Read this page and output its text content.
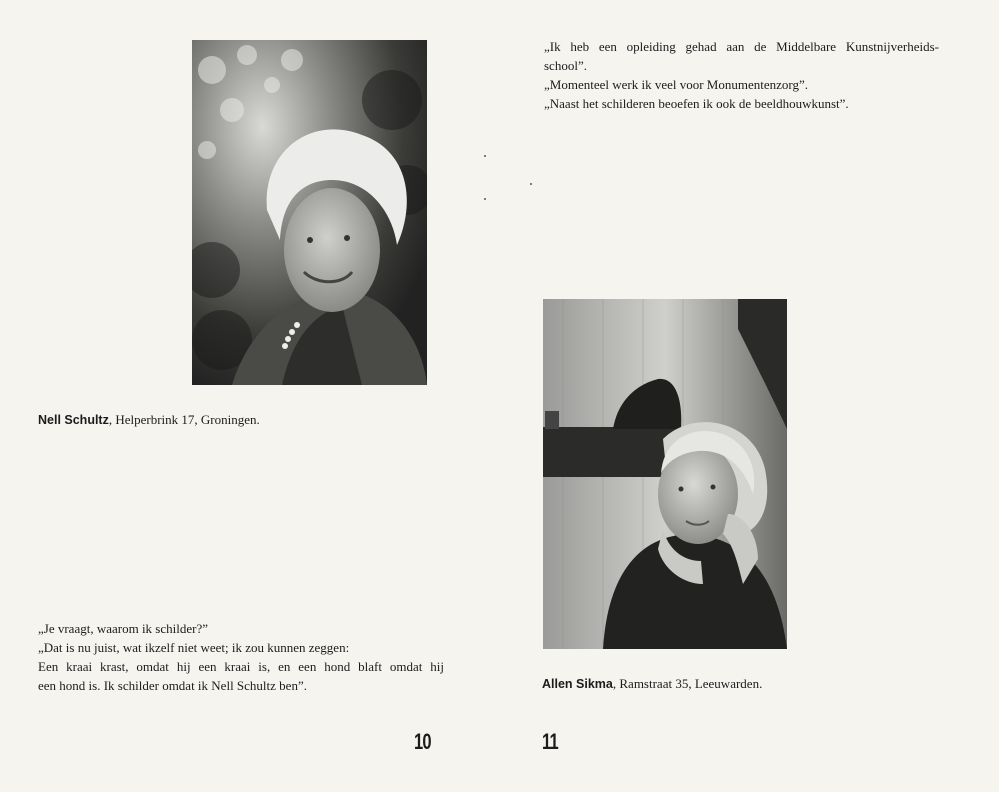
Nell Schultz, Helperbrink 17, Groningen.

„Je vraagt, waarom ik schilder?”

„Dat is nu juist, wat ikzelf niet weet; ik zou kunnen zeggen:

Een kraai krast, omdat hij een kraai is, en een hond blaft omdat hij

een hond is. Ik schilder omdat ik Nell Schultz ben”.

10

„Ik heb een opleiding gehad aan de Middelbare Kunstnijverheids-

school”.

„Momenteel werk ik veel voor Monumentenzorg”.

„Naast het schilderen beoefen ik ook de beeldhouwkunst”.

Allen Sikma, Ramstraat 35, Leeuwarden.
11
